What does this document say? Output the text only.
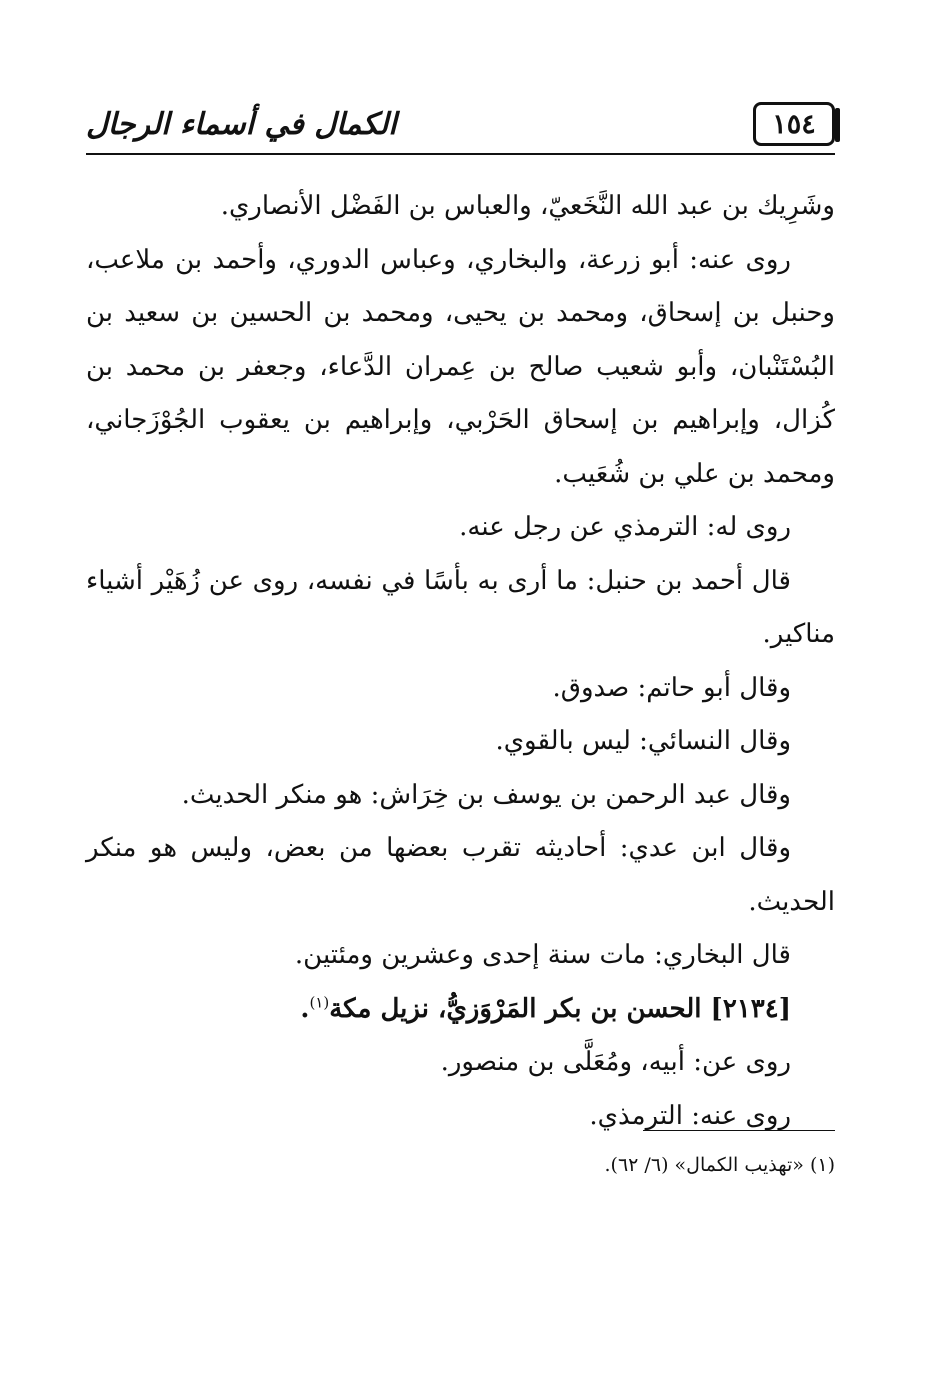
١٥٤
الكمال في أسماء الرجال

وشَرِيك بن عبد الله النَّخَعيّ، والعباس بن الفَضْل الأنصاري.

روى عنه: أبو زرعة، والبخاري، وعباس الدوري، وأحمد بن ملاعب، وحنبل بن إسحاق، ومحمد بن يحيى، ومحمد بن الحسين بن سعيد بن البُسْتَنْبان، وأبو شعيب صالح بن عِمران الدَّعاء، وجعفر بن محمد بن كُزال، وإبراهيم بن إسحاق الحَرْبي، وإبراهيم بن يعقوب الجُوْزَجاني، ومحمد بن علي بن شُعَيب.

روى له: الترمذي عن رجل عنه.

قال أحمد بن حنبل: ما أرى به بأسًا في نفسه، روى عن زُهَيْر أشياء مناكير.

وقال أبو حاتم: صدوق.

وقال النسائي: ليس بالقوي.

وقال عبد الرحمن بن يوسف بن خِرَاش: هو منكر الحديث.

وقال ابن عدي: أحاديثه تقرب بعضها من بعض، وليس هو منكر الحديث.

قال البخاري: مات سنة إحدى وعشرين ومئتين.

[٢١٣٤] الحسن بن بكر المَرْوَزيُّ، نزيل مكة$^{(١)}$.

روى عن: أبيه، ومُعَلَّى بن منصور.

روى عنه: الترمذي.

(١) «تهذيب الكمال» (٦/ ٦٢).
